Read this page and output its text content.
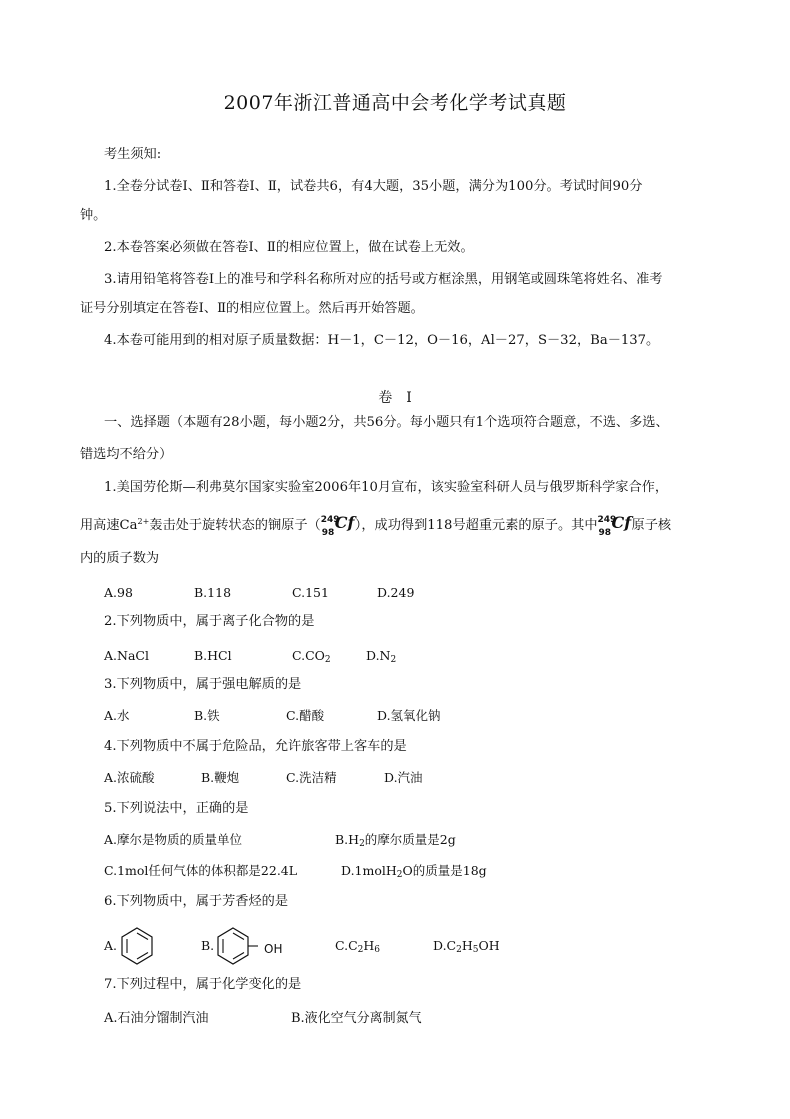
2007年浙江普通高中会考化学考试真题
考生须知:
1.全卷分试卷Ⅰ、Ⅱ和答卷Ⅰ、Ⅱ，试卷共6，有4大题，35小题，满分为100分。考试时间90分
钟。
2.本卷答案必须做在答卷Ⅰ、Ⅱ的相应位置上，做在试卷上无效。
3.请用铅笔将答卷Ⅰ上的准号和学科名称所对应的括号或方框涂黑，用钢笔或圆珠笔将姓名、准考
证号分别填定在答卷Ⅰ、Ⅱ的相应位置上。然后再开始答题。
4.本卷可能用到的相对原子质量数据：H－1，C－12，O－16，Al－27，S－32，Ba－137。
卷　Ⅰ
一、选择题（本题有28小题，每小题2分，共56分。每小题只有1个选项符合题意，不选、多选、
错选均不给分）
1.美国劳伦斯—利弗莫尔国家实验室2006年10月宣布，该实验室科研人员与俄罗斯科学家合作，
用高速$Ca^{2+}$轰击处于旋转状态的锎原子（ 249
98
Cf ），成功得到118号超重元素的原子。其中 249
98
Cf 原子核
内的质子数为
A.98	B.118	C.151	D.249
2.下列物质中，属于离子化合物的是
A.NaCl	B.HCl	$C.CO_2$	$D.N_2$
3.下列物质中，属于强电解质的是
A.水	B.铁	C.醋酸	D.氢氧化钠
4.下列物质中不属于危险品，允许旅客带上客车的是
A.浓硫酸	B.鞭炮	C.洗洁精	D.汽油
5.下列说法中，正确的是
A.摩尔是物质的质量单位	$B.H_2$的摩尔质量是2g
C.1mol任何气体的体积都是22.4L	D.1molH$_2$O的质量是18g
6.下列物质中，属于芳香烃的是
A.	B.	OH	$C.C_2H_6$	$D.C_2H_5OH$
7.下列过程中，属于化学变化的是
A.石油分馏制汽油	B.液化空气分离制氮气
